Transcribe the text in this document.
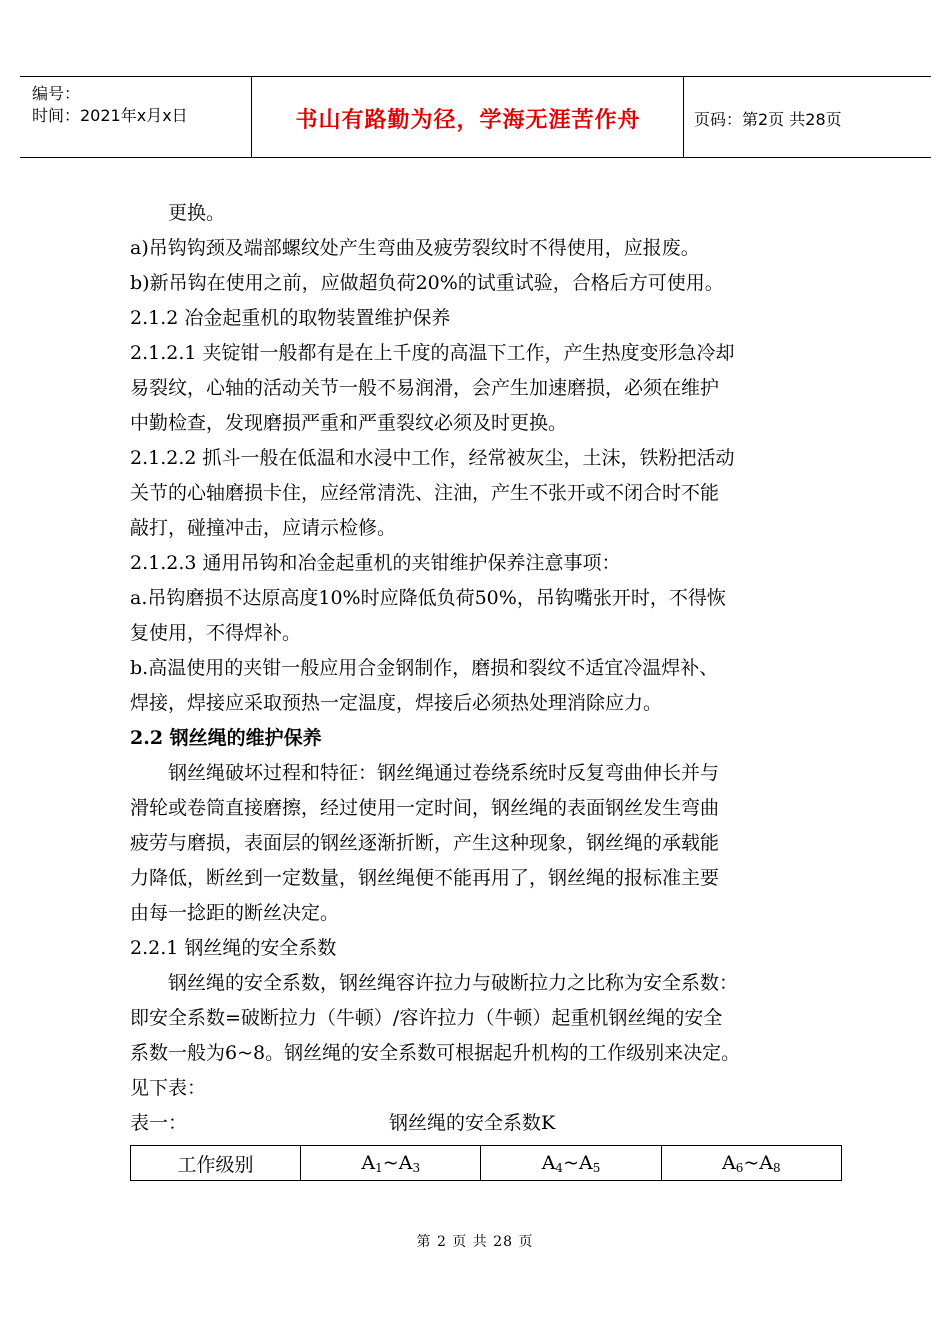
编号：
时间：2021年x月x日	书山有路勤为径，学海无涯苦作舟	页码：第2页 共28页

更换。

a)吊钩钩颈及端部螺纹处产生弯曲及疲劳裂纹时不得使用，应报废。

b)新吊钩在使用之前，应做超负荷20%的试重试验，合格后方可使用。

2.1.2 冶金起重机的取物装置维护保养

2.1.2.1 夹锭钳一般都有是在上千度的高温下工作，产生热度变形急冷却

易裂纹，心轴的活动关节一般不易润滑，会产生加速磨损，必须在维护

中勤检查，发现磨损严重和严重裂纹必须及时更换。

2.1.2.2 抓斗一般在低温和水浸中工作，经常被灰尘，土沫，铁粉把活动

关节的心轴磨损卡住，应经常清洗、注油，产生不张开或不闭合时不能

敲打，碰撞冲击，应请示检修。

2.1.2.3 通用吊钩和冶金起重机的夹钳维护保养注意事项：

a.吊钩磨损不达原高度10%时应降低负荷50%，吊钩嘴张开时，不得恢

复使用，不得焊补。

b.高温使用的夹钳一般应用合金钢制作，磨损和裂纹不适宜冷温焊补、

焊接，焊接应采取预热一定温度，焊接后必须热处理消除应力。

2.2 钢丝绳的维护保养

钢丝绳破坏过程和特征：钢丝绳通过卷绕系统时反复弯曲伸长并与

滑轮或卷筒直接磨擦，经过使用一定时间，钢丝绳的表面钢丝发生弯曲

疲劳与磨损，表面层的钢丝逐渐折断，产生这种现象，钢丝绳的承载能

力降低，断丝到一定数量，钢丝绳便不能再用了，钢丝绳的报标准主要

由每一捻距的断丝决定。

2.2.1 钢丝绳的安全系数

钢丝绳的安全系数，钢丝绳容许拉力与破断拉力之比称为安全系数：

即安全系数=破断拉力（牛顿）/容许拉力（牛顿）起重机钢丝绳的安全

系数一般为6~8。钢丝绳的安全系数可根据起升机构的工作级别来决定。

见下表：

表一：	钢丝绳的安全系数K

工作级别	$A_1\sim A_3$	$A_4\sim A_5$	$A_6\sim A_8$
第 2 页 共 28 页
